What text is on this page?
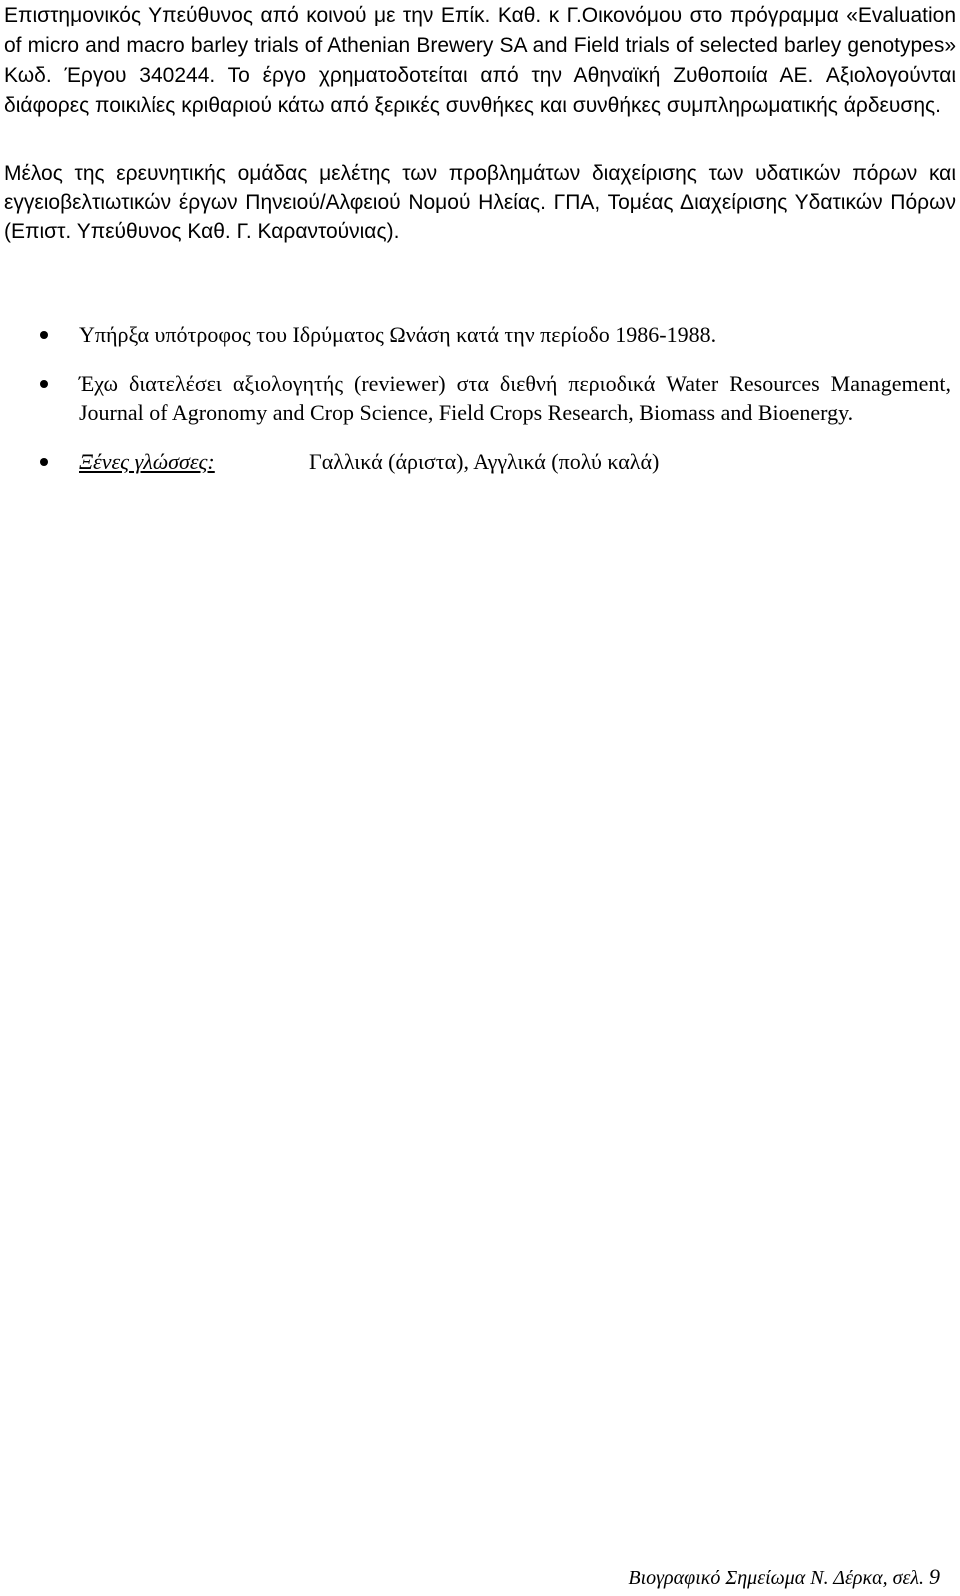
Επιστημονικός Υπεύθυνος από κοινού με την Επίκ. Καθ. κ Γ.Οικονόμου στο πρόγραμμα «Evaluation of micro and macro barley trials of Athenian Brewery SA and Field trials of selected barley genotypes» Κωδ. Έργου 340244. Το έργο χρηματοδοτείται από την Αθηναϊκή Ζυθοποιία ΑΕ. Αξιολογούνται διάφορες ποικιλίες κριθαριού κάτω από ξερικές συνθήκες και συνθήκες συμπληρωματικής άρδευσης.

Μέλος της ερευνητικής ομάδας μελέτης των προβλημάτων διαχείρισης των υδατικών πόρων και εγγειοβελτιωτικών έργων Πηνειού/Αλφειού Νομού Ηλείας. ΓΠΑ, Τομέας Διαχείρισης Υδατικών Πόρων (Επιστ. Υπεύθυνος Καθ. Γ. Καραντούνιας).

Υπήρξα υπότροφος του Ιδρύματος Ωνάση κατά την περίοδο 1986-1988.
Έχω διατελέσει αξιολογητής (reviewer) στα διεθνή περιοδικά Water Resources Management, Journal of Agronomy and Crop Science, Field Crops Research, Biomass and Bioenergy.
Ξένες γλώσσες:	Γαλλικά (άριστα), Αγγλικά (πολύ καλά)
Βιογραφικό Σημείωμα Ν. Δέρκα, σελ. 9
